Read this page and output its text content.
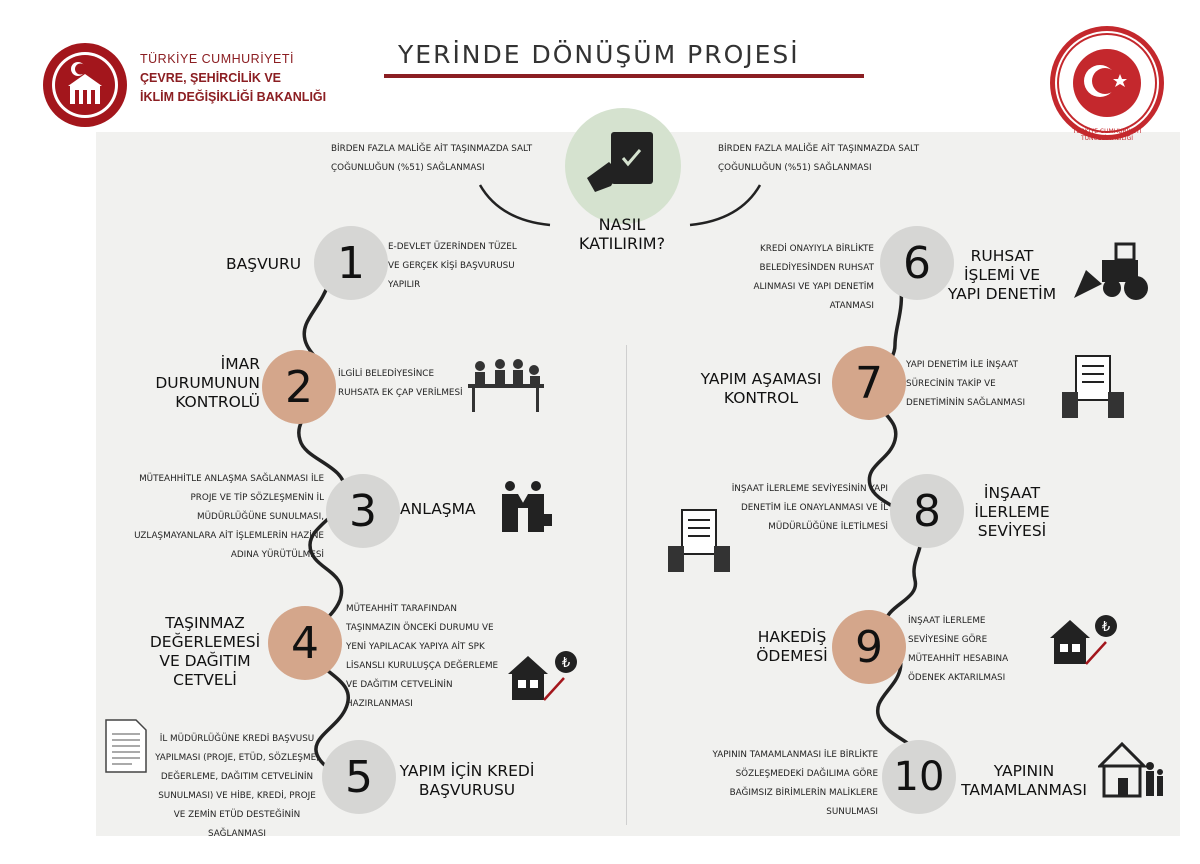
TÜRKİYE CUMHURİYETİ
ÇEVRE, ŞEHİRCİLİK VE
İKLİM DEĞİŞİKLİĞİ BAKANLIĞI
YERİNDE DÖNÜŞÜM PROJESİ
TÜRKİYE CUMHURİYETİ TUNCELİ VALİLİĞİ
BİRDEN FAZLA MALİĞE AİT TAŞINMAZDA SALT ÇOĞUNLUĞUN (%51) SAĞLANMASI
BİRDEN FAZLA MALİĞE AİT TAŞINMAZDA SALT ÇOĞUNLUĞUN (%51) SAĞLANMASI
NASIL
KATILIRIM?
BAŞVURU 1	E-DEVLET ÜZERİNDEN TÜZEL VE GERÇEK KİŞİ BAŞVURUSU YAPILIR
İMAR DURUMUNUN KONTROLÜ 2	İLGİLİ BELEDİYESİNCE RUHSATA EK ÇAP VERİLMESİ
MÜTEAHHİTLE ANLAŞMA SAĞLANMASI İLE PROJE VE TİP SÖZLEŞMENİN İL MÜDÜRLÜĞÜNE SUNULMASI, UZLAŞMAYANLARA AİT İŞLEMLERİN HAZİNE ADINA YÜRÜTÜLMESİ
3	ANLAŞMA
TAŞINMAZ DEĞERLEMESİ VE DAĞITIM CETVELİ
4
MÜTEAHHİT TARAFINDAN TAŞINMAZIN ÖNCEKİ DURUMU VE YENİ YAPILACAK YAPIYA AİT SPK LİSANSLI KURULUŞÇA DEĞERLEME VE DAĞITIM CETVELİNİN HAZIRLANMASI
₺
İL MÜDÜRLÜĞÜNE KREDİ BAŞVUSU YAPILMASI (PROJE, ETÜD, SÖZLEŞME, DEĞERLEME, DAĞITIM CETVELİNİN SUNULMASI) VE HİBE, KREDİ, PROJE VE ZEMİN ETÜD DESTEĞİNİN SAĞLANMASI
5	YAPIM İÇİN KREDİ BAŞVURUSU
KREDİ ONAYIYLA BİRLİKTE BELEDİYESİNDEN RUHSAT ALINMASI VE YAPI DENETİM ATANMASI
6	RUHSAT İŞLEMİ VE YAPI DENETİM
YAPIM AŞAMASI KONTROL	7	YAPI DENETİM İLE İNŞAAT SÜRECİNİN TAKİP VE DENETİMİNİN SAĞLANMASI
İNŞAAT İLERLEME SEVİYESİNİN YAPI DENETİM İLE ONAYLANMASI VE İL MÜDÜRLÜĞÜNE İLETİLMESİ 8	İNŞAAT İLERLEME SEVİYESİ
HAKEDİŞ ÖDEMESİ 9
İNŞAAT İLERLEME SEVİYESİNE GÖRE MÜTEAHHİT HESABINA ÖDENEK AKTARILMASI
₺
YAPININ TAMAMLANMASI İLE BİRLİKTE SÖZLEŞMEDEKİ DAĞILIMA GÖRE BAĞIMSIZ BİRİMLERİN MALİKLERE SUNULMASI
10	YAPININ TAMAMLANMASI
